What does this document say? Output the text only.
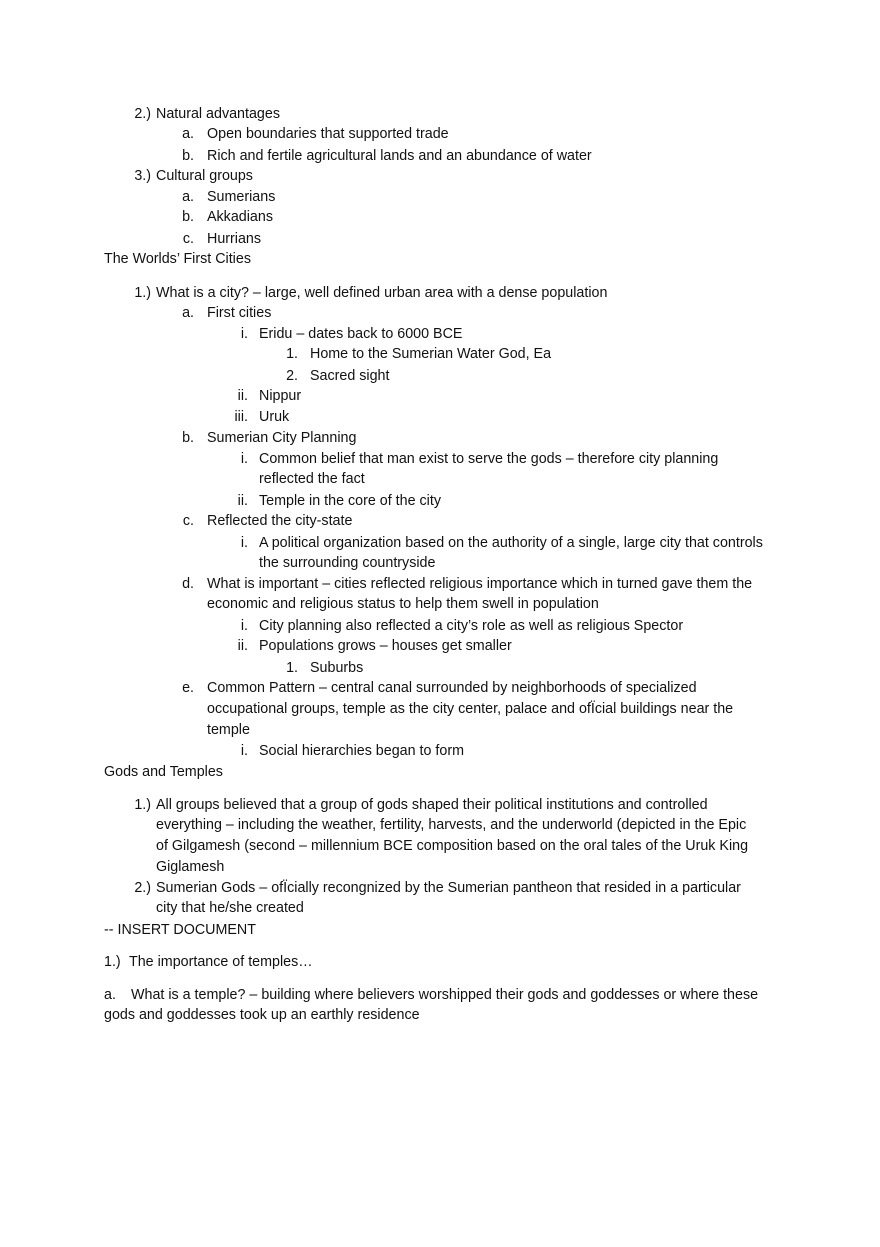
2.) Natural advantages
a. Open boundaries that supported trade
b. Rich and fertile agricultural lands and an abundance of water
3.) Cultural groups
a. Sumerians
b. Akkadians
c. Hurrians
The Worlds’ First Cities
1.) What is a city? – large, well defined urban area with a dense population
a. First cities
i. Eridu – dates back to 6000 BCE
1. Home to the Sumerian Water God, Ea
2. Sacred sight
ii. Nippur
iii. Uruk
b. Sumerian City Planning
i. Common belief that man exist to serve the gods – therefore city planning
reflected the fact
ii. Temple in the core of the city
c. Reflected the city-state
i. A political organization based on the authority of a single, large city that controls
the surrounding countryside
d. What is important – cities reflected religious importance which in turned gave them the
economic and religious status to help them swell in population
i. City planning also reflected a city’s role as well as religious Spector
ii. Populations grows – houses get smaller
1. Suburbs
e. Common Pattern – central canal surrounded by neighborhoods of specialized
occupational groups, temple as the city center, palace and ofÏcial buildings near the
temple
i. Social hierarchies began to form
Gods and Temples
1.) All groups believed that a group of gods shaped their political institutions and controlled
everything – including the weather, fertility, harvests, and the underworld (depicted in the Epic
of Gilgamesh (second – millennium BCE composition based on the oral tales of the Uruk King
Giglamesh
2.) Sumerian Gods – ofÏcially recongnized by the Sumerian pantheon that resided in a particular
city that he/she created
-- INSERT DOCUMENT
1.) The importance of temples…
a. What is a temple? – building where believers worshipped their gods and goddesses or where these
gods and goddesses took up an earthly residence
